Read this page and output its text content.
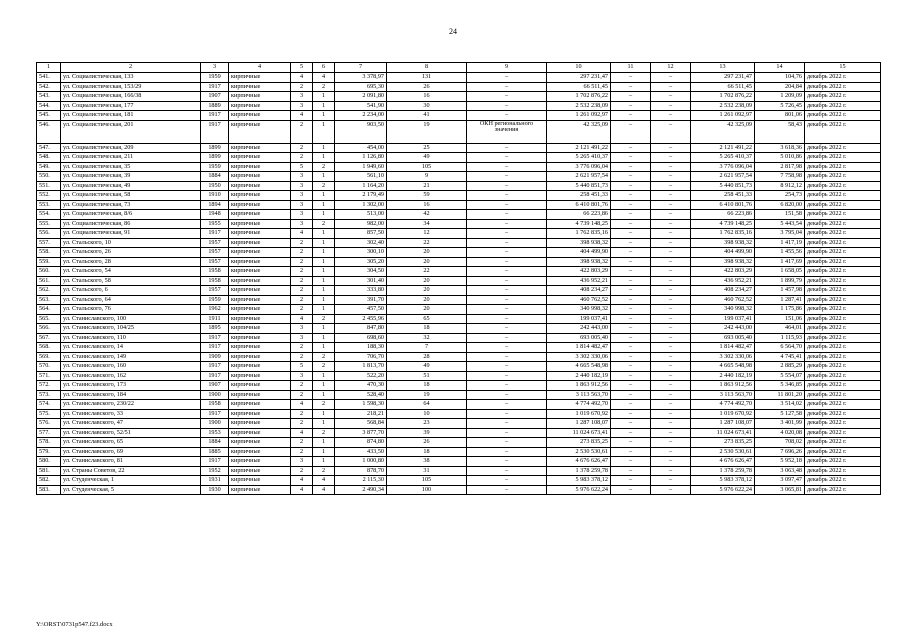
24
1	2	3	4	5	6	7	8	9	10	11	12	13	14	15
541.	ул. Социалистическая, 133	1959	кирпичные	4	4	3 378,97	131	–	297 231,47	–	–	297 231,47	104,76	декабрь 2022 г.
542.	ул. Социалистическая, 153/29	1917	кирпичные	2	2	695,30	26	–	66 511,45	–	–	66 511,45	204,84	декабрь 2022 г.
543.	ул. Социалистическая, 166/38	1907	кирпичные	3	1	2 091,80	16	–	1 702 876,22	–	–	1 702 876,22	1 209,09	декабрь 2022 г.
544.	ул. Социалистическая, 177	1889	кирпичные	3	1	541,90	30	–	2 532 238,09	–	–	2 532 238,09	5 726,45	декабрь 2022 г.
545.	ул. Социалистическая, 181	1917	кирпичные	4	1	2 234,00	41	–	1 261 092,97	–	–	1 261 092,97	801,06	декабрь 2022 г.
546.	ул. Социалистическая, 201	1917	кирпичные	2	1	903,50	19	ОКН регионального значения	42 325,09	–	–	42 325,09	58,43	декабрь 2022 г.
547.	ул. Социалистическая, 209	1899	кирпичные	2	1	454,00	25	–	2 121 491,22	–	–	2 121 491,22	3 618,36	декабрь 2022 г.
548.	ул. Социалистическая, 211	1899	кирпичные	2	1	1 126,80	49	–	5 265 410,37	–	–	5 265 410,37	5 010,86	декабрь 2022 г.
549.	ул. Социалистическая, 35	1959	кирпичные	5	2	1 949,60	105	–	3 776 096,04	–	–	3 776 096,04	2 817,98	декабрь 2022 г.
550.	ул. Социалистическая, 39	1884	кирпичные	3	1	561,10	9	–	2 621 957,54	–	–	2 621 957,54	7 758,98	декабрь 2022 г.
551.	ул. Социалистическая, 49	1950	кирпичные	3	2	1 164,20	21	–	5 440 851,73	–	–	5 440 851,73	8 912,12	декабрь 2022 г.
552.	ул. Социалистическая, 58	1910	кирпичные	3	1	2 179,49	59	–	258 451,33	–	–	258 451,33	254,73	декабрь 2022 г.
553.	ул. Социалистическая, 73	1894	кирпичные	3	1	1 302,00	16	–	6 410 801,76	–	–	6 410 801,76	6 820,00	декабрь 2022 г.
554.	ул. Социалистическая, 8/6	1948	кирпичные	3	1	513,00	42	–	66 223,86	–	–	66 223,86	151,58	декабрь 2022 г.
555.	ул. Социалистическая, 86	1955	кирпичные	3	2	982,00	34	–	4 739 148,25	–	–	4 739 148,25	5 443,54	декабрь 2022 г.
556.	ул. Социалистическая, 91	1917	кирпичные	4	1	857,50	12	–	1 762 835,16	–	–	1 762 835,16	3 795,04	декабрь 2022 г.
557.	ул. Стальского, 10	1957	кирпичные	2	1	302,40	22	–	398 938,32	–	–	398 938,32	1 417,19	декабрь 2022 г.
558.	ул. Стальского, 26	1957	кирпичные	2	1	300,10	20	–	404 499,90	–	–	404 499,90	1 455,56	декабрь 2022 г.
559.	ул. Стальского, 28	1957	кирпичные	2	1	305,20	20	–	398 938,32	–	–	398 938,32	1 417,69	декабрь 2022 г.
560.	ул. Стальского, 54	1958	кирпичные	2	1	304,50	22	–	422 803,29	–	–	422 803,29	1 658,05	декабрь 2022 г.
561.	ул. Стальского, 58	1958	кирпичные	2	1	301,40	20	–	436 952,21	–	–	436 952,21	1 899,79	декабрь 2022 г.
562.	ул. Стальского, 6	1957	кирпичные	2	1	333,80	20	–	408 234,27	–	–	408 234,27	1 457,98	декабрь 2022 г.
563.	ул. Стальского, 64	1959	кирпичные	2	1	391,70	20	–	460 762,52	–	–	460 762,52	1 287,41	декабрь 2022 г.
564.	ул. Стальского, 76	1962	кирпичные	2	1	457,50	20	–	340 998,32	–	–	340 998,32	1 175,86	декабрь 2022 г.
565.	ул. Станиславского, 100	1911	кирпичные	4	2	2 455,96	65	–	199 037,41	–	–	199 037,41	151,06	декабрь 2022 г.
566.	ул. Станиславского, 104/25	1895	кирпичные	3	1	847,80	18	–	242 443,00	–	–	242 443,00	464,01	декабрь 2022 г.
567.	ул. Станиславского, 110	1917	кирпичные	3	1	698,60	32	–	693 005,40	–	–	693 005,40	1 115,93	декабрь 2022 г.
568.	ул. Станиславского, 14	1917	кирпичные	2	1	188,30	7	–	1 814 482,47	–	–	1 814 482,47	6 564,70	декабрь 2022 г.
569.	ул. Станиславского, 149	1909	кирпичные	2	2	706,70	28	–	3 302 330,06	–	–	3 302 330,06	4 745,41	декабрь 2022 г.
570.	ул. Станиславского, 160	1917	кирпичные	5	2	1 813,70	49	–	4 665 548,98	–	–	4 665 548,98	2 885,29	декабрь 2022 г.
571.	ул. Станиславского, 162	1917	кирпичные	3	1	522,20	51	–	2 440 182,19	–	–	2 440 182,19	5 554,07	декабрь 2022 г.
572.	ул. Станиславского, 173	1907	кирпичные	2	1	470,30	18	–	1 863 912,56	–	–	1 863 912,56	5 346,85	декабрь 2022 г.
573.	ул. Станиславского, 184	1900	кирпичные	2	1	528,40	19	–	3 113 563,70	–	–	3 113 563,70	11 801,20	декабрь 2022 г.
574.	ул. Станиславского, 230/22	1958	кирпичные	4	2	1 598,30	64	–	4 774 492,70	–	–	4 774 492,70	3 514,02	декабрь 2022 г.
575.	ул. Станиславского, 33	1917	кирпичные	2	1	218,21	10	–	1 019 670,92	–	–	1 019 670,92	5 127,58	декабрь 2022 г.
576.	ул. Станиславского, 47	1900	кирпичные	2	1	568,84	23	–	1 287 108,07	–	–	1 287 108,07	3 401,99	декабрь 2022 г.
577.	ул. Станиславского, 52/51	1953	кирпичные	4	2	3 877,70	39	–	11 024 673,41	–	–	11 024 673,41	4 020,08	декабрь 2022 г.
578.	ул. Станиславского, 65	1884	кирпичные	2	1	874,80	26	–	273 835,25	–	–	273 835,25	708,02	декабрь 2022 г.
579.	ул. Станиславского, 69	1885	кирпичные	2	1	433,50	18	–	2 530 530,61	–	–	2 530 530,61	7 696,26	декабрь 2022 г.
580.	ул. Станиславского, 81	1917	кирпичные	3	1	1 000,80	38	–	4 676 626,47	–	–	4 676 626,47	5 952,18	декабрь 2022 г.
581.	ул. Страны Советов, 22	1952	кирпичные	2	2	878,70	31	–	1 378 259,78	–	–	1 378 259,78	3 063,48	декабрь 2022 г.
582.	ул. Студенческая, 1	1931	кирпичные	4	4	2 115,30	105	–	5 983 378,12	–	–	5 983 378,12	3 097,47	декабрь 2022 г.
583.	ул. Студенческая, 5	1930	кирпичные	4	4	2 490,34	100	–	5 976 622,24	–	–	5 976 622,24	3 065,81	декабрь 2022 г.
Y:\ORST\0731p547.f23.docx
